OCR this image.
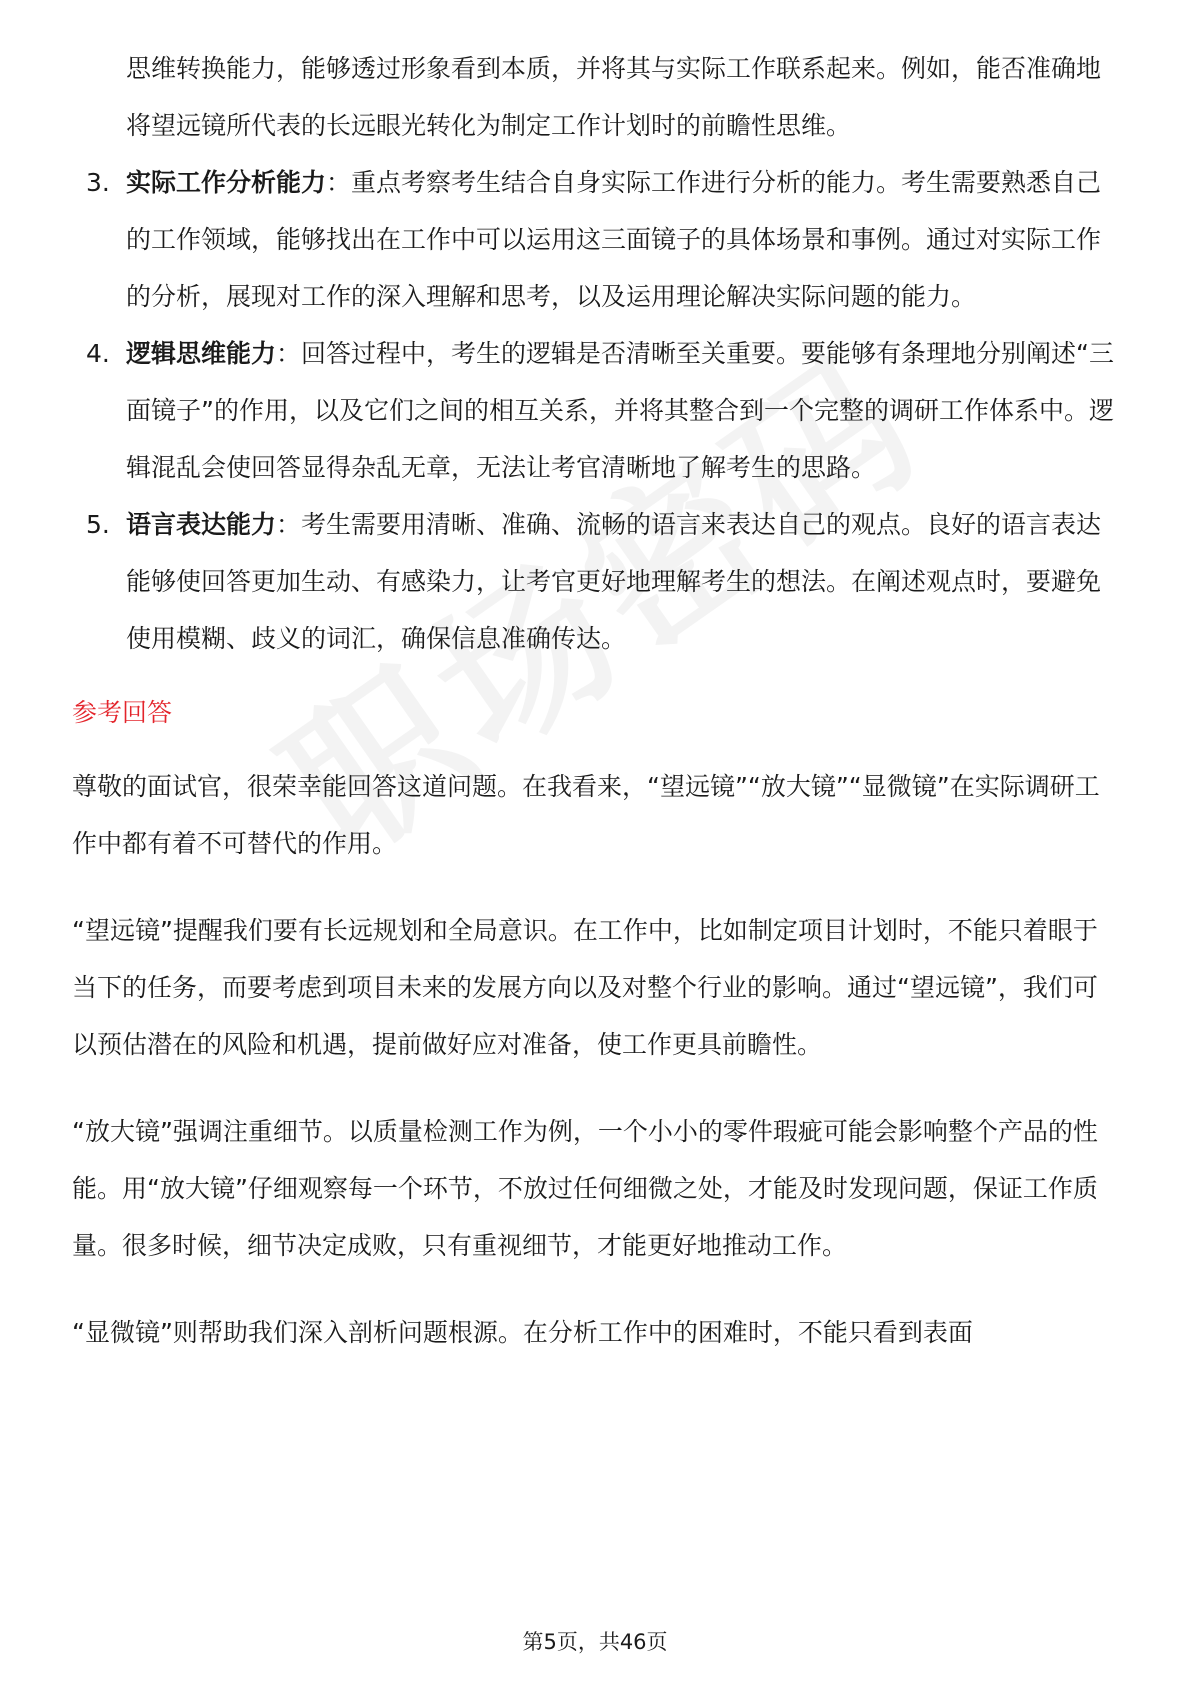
思维转换能力，能够透过形象看到本质，并将其与实际工作联系起来。例如，能否准确地将望远镜所代表的长远眼光转化为制定工作计划时的前瞻性思维。

3. 实际工作分析能力：重点考察考生结合自身实际工作进行分析的能力。考生需要熟悉自己的工作领域，能够找出在工作中可以运用这三面镜子的具体场景和事例。通过对实际工作的分析，展现对工作的深入理解和思考，以及运用理论解决实际问题的能力。
4. 逻辑思维能力：回答过程中，考生的逻辑是否清晰至关重要。要能够有条理地分别阐述“三面镜子”的作用，以及它们之间的相互关系，并将其整合到一个完整的调研工作体系中。逻辑混乱会使回答显得杂乱无章，无法让考官清晰地了解考生的思路。
5. 语言表达能力：考生需要用清晰、准确、流畅的语言来表达自己的观点。良好的语言表达能够使回答更加生动、有感染力，让考官更好地理解考生的想法。在阐述观点时，要避免使用模糊、歧义的词汇，确保信息准确传达。
参考回答

尊敬的面试官，很荣幸能回答这道问题。在我看来，“望远镜”“放大镜”“显微镜”在实际调研工作中都有着不可替代的作用。

“望远镜”提醒我们要有长远规划和全局意识。在工作中，比如制定项目计划时，不能只着眼于当下的任务，而要考虑到项目未来的发展方向以及对整个行业的影响。通过“望远镜”，我们可以预估潜在的风险和机遇，提前做好应对准备，使工作更具前瞻性。

“放大镜”强调注重细节。以质量检测工作为例，一个小小的零件瑕疵可能会影响整个产品的性能。用“放大镜”仔细观察每一个环节，不放过任何细微之处，才能及时发现问题，保证工作质量。很多时候，细节决定成败，只有重视细节，才能更好地推动工作。

“显微镜”则帮助我们深入剖析问题根源。在分析工作中的困难时，不能只看到表面

第5页，共46页
